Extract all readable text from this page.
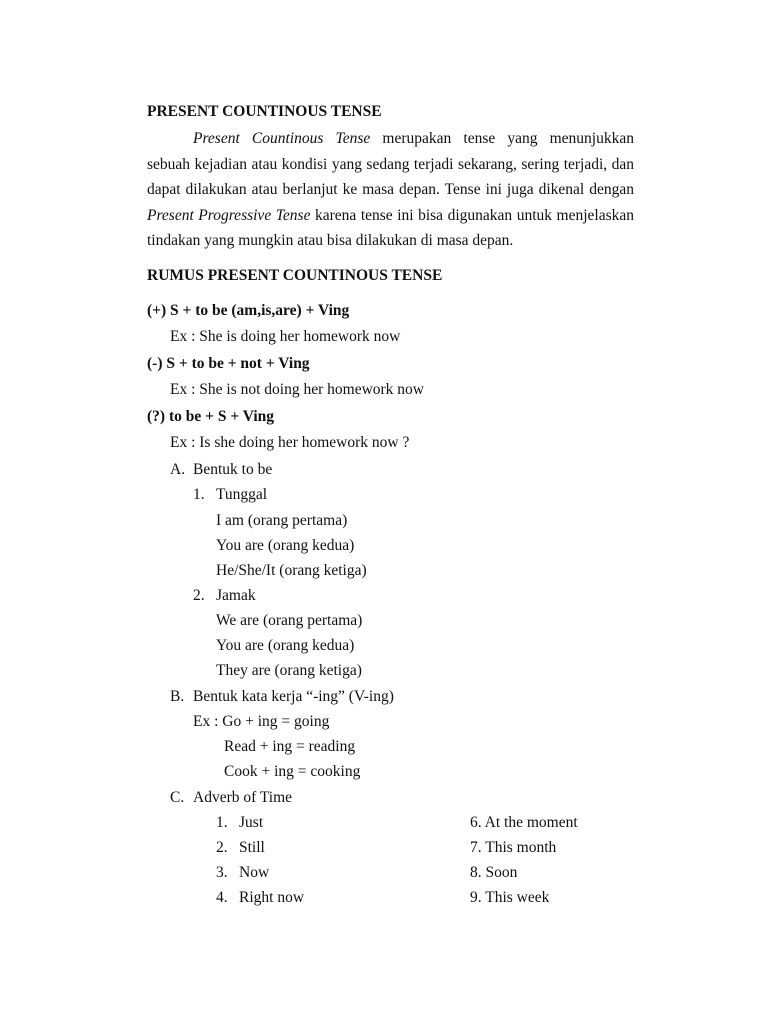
PRESENT COUNTINOUS TENSE
Present Countinous Tense merupakan tense yang menunjukkan
sebuah kejadian atau kondisi yang sedang terjadi sekarang, sering terjadi, dan
dapat dilakukan atau berlanjut ke masa depan. Tense ini juga dikenal dengan
Present Progressive Tense karena tense ini bisa digunakan untuk menjelaskan
tindakan yang mungkin atau bisa dilakukan di masa depan.
RUMUS PRESENT COUNTINOUS TENSE
(+) S + to be (am,is,are) + Ving
Ex : She is doing her homework now
(-) S + to be + not + Ving
Ex : She is not doing her homework now
(?) to be + S + Ving
Ex : Is she doing her homework now ?
A. Bentuk to be
1. Tunggal
I am (orang pertama)
You are (orang kedua)
He/She/It (orang ketiga)
2. Jamak
We are (orang pertama)
You are (orang kedua)
They are (orang ketiga)
B. Bentuk kata kerja “-ing” (V-ing)
Ex : Go + ing = going
Read + ing = reading
Cook + ing = cooking
C. Adverb of Time
1. Just
2. Still
3. Now
4. Right now
6. At the moment
7. This month
8. Soon
9. This week
